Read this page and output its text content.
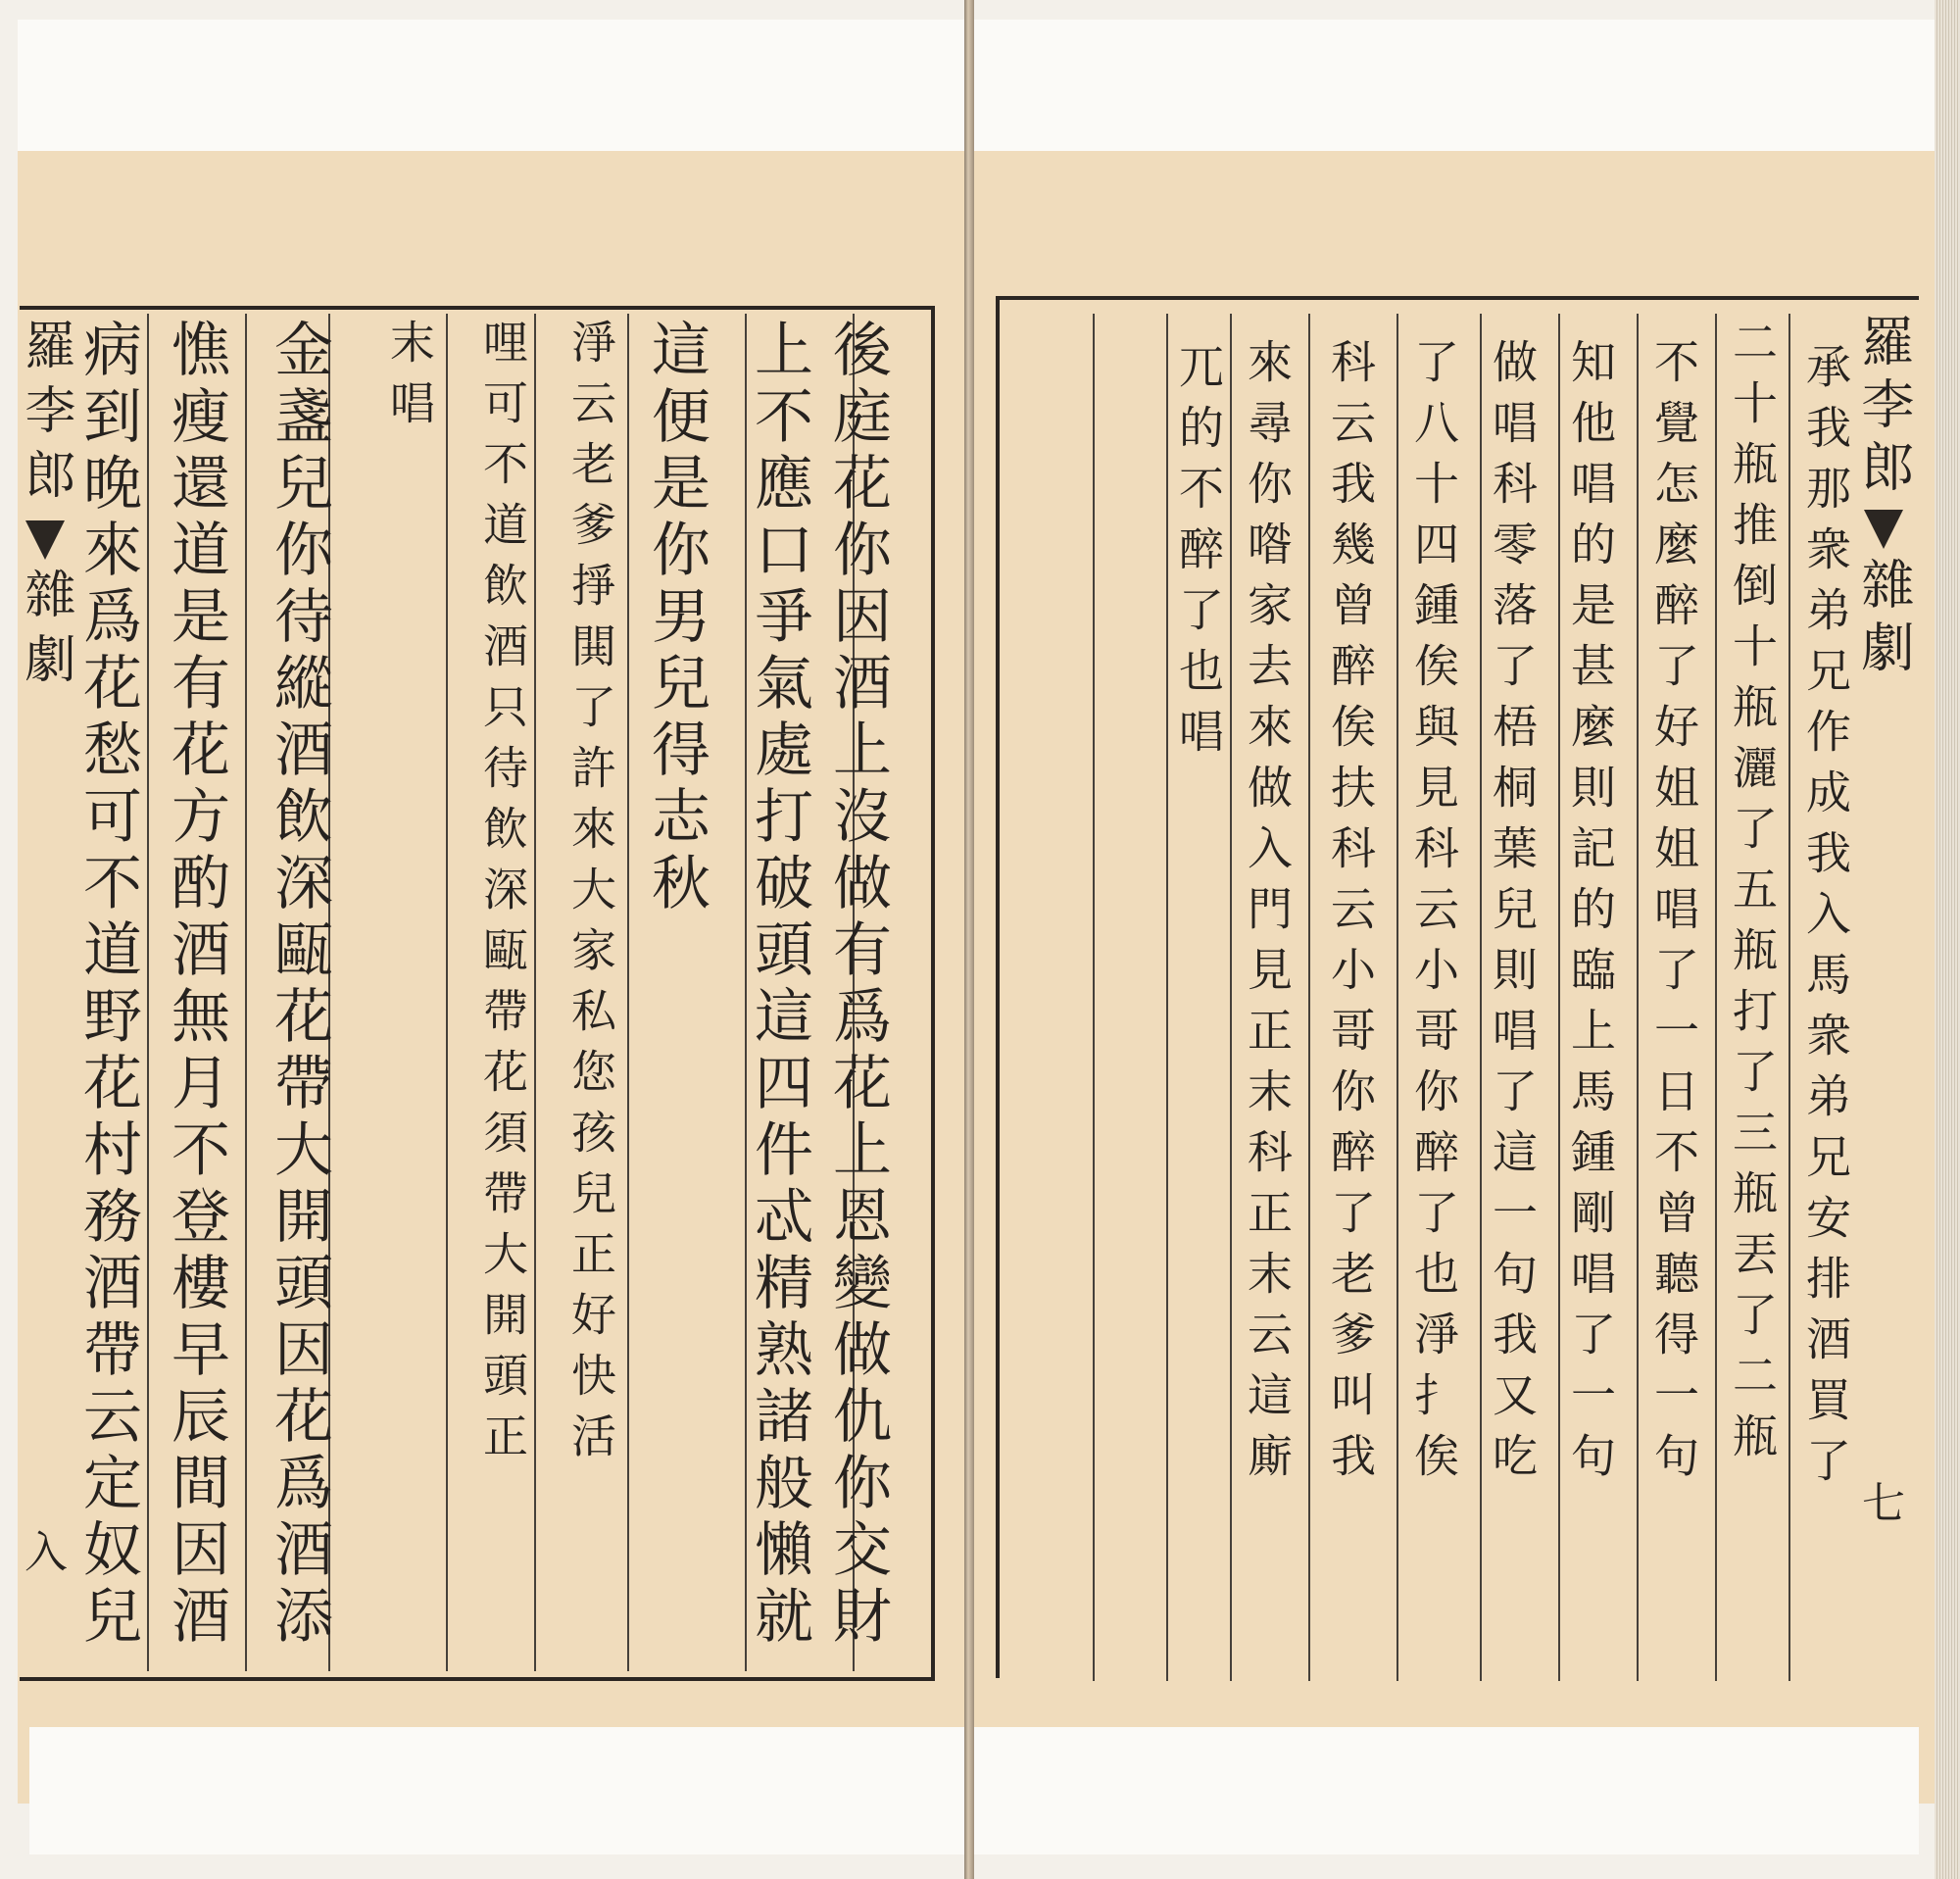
羅李郎雜劇
入	後庭花你因酒上沒做有爲花上恩變做仇你交財
上不應口爭氣處打破頭這四件忒精熟諸般懶就
這便是你男兒得志秋
淨云老爹掙閧了許來大家私您孩兒正好快活
哩可不道飲酒只待飲深甌帶花須帶大開頭正
末唱
金盞兒你待縱酒飲深甌花帶大開頭因花爲酒添
憔瘦還道是有花方酌酒無月不登樓早辰間因酒
病到晚來爲花愁可不道野花村務酒帶云定奴兒	羅李郎雜劇
七
承我那衆弟兄作成我入馬衆弟兄安排酒買了
二十瓶推倒十瓶灑了五瓶打了三瓶丟了二瓶
不覺怎麼醉了好姐姐唱了一日不曾聽得一句
知他唱的是甚麼則記的臨上馬鍾剛唱了一句
做唱科零落了梧桐葉兒則唱了這一句我又吃
了八十四鍾俟與見科云小哥你醉了也淨扌俟
科云我幾曾醉俟扶科云小哥你醉了老爹叫我
來尋你喒家去來做入門見正末科正末云這廝
兀的不醉了也唱
